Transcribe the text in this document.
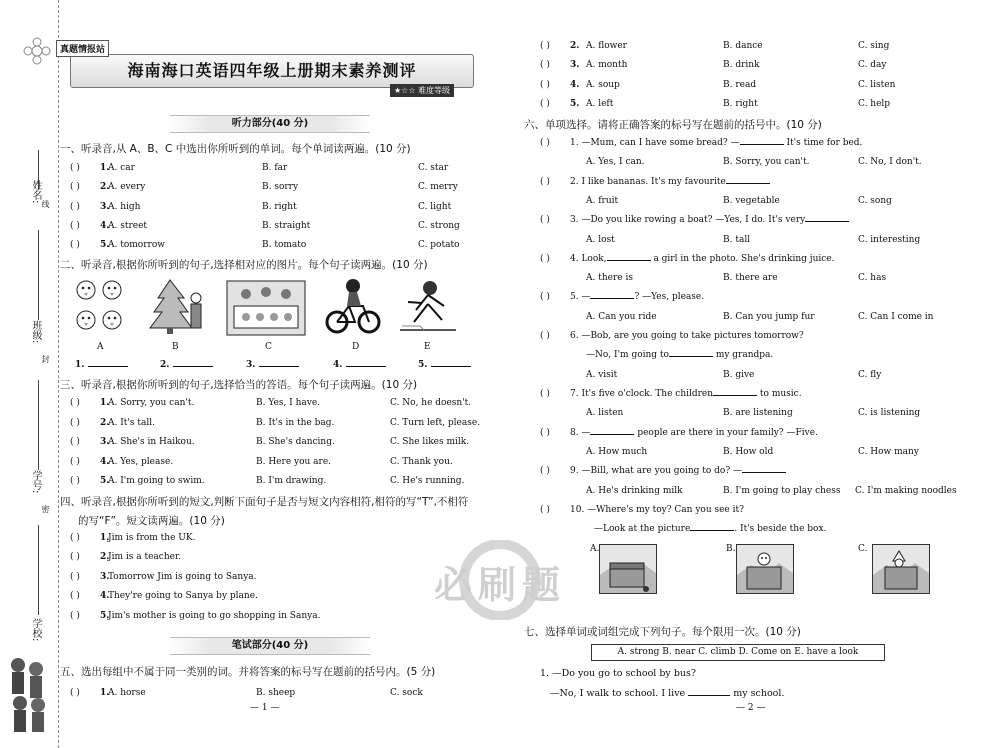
姓名:
班级:
学号:
学校:
线
封
密
海南海口英语四年级上册期末素养测评
真题情报站
★☆☆ 难度等级
听力部分(40 分)
一、听录音,从 A、B、C 中选出你所听到的单词。每个单词读两遍。(10 分)
二、听录音,根据你所听到的句子,选择相对应的图片。每个句子读两遍。(10 分)
三、听录音,根据你所听到的句子,选择恰当的答语。每个句子读两遍。(10 分)
四、听录音,根据你所听到的短文,判断下面句子是否与短文内容相符,相符的写“T”,不相符
的写“F”。短文读两遍。(10 分)
笔试部分(40 分)
五、选出每组中不属于同一类别的词。并将答案的标号写在题前的括号内。(5 分)
— 1 —
( ) 1.
A. car	B. far	C. star
( ) 2.
A. every	B. sorry	C. merry
( ) 3.
A. high	B. right	C. light
( ) 4.
A. street	B. straight	C. strong
( ) 5.
A. tomorrow	B. tomato	C. potato
A	B	C	D	E
1.	2.	3.	4.	5.
( ) 1.
A. Sorry, you can't.	B. Yes, I have.	C. No, he doesn't.
( ) 2.
A. It's tall.	B. It's in the bag.	C. Turn left, please.
( ) 3.
A. She's in Haikou.	B. She's dancing.	C. She likes milk.
( ) 4.
A. Yes, please.	B. Here you are.	C. Thank you.
( ) 5.
A. I'm going to swim.	B. I'm drawing.	C. He's running.
( ) 1.
Jim is from the UK.
( ) 2.
Jim is a teacher.
( ) 3.
Tomorrow Jim is going to Sanya.
( ) 4.
They're going to Sanya by plane.
( ) 5.
Jim's mother is going to go shopping in Sanya.
( ) 1.
A. horse	B. sheep	C. sock
六、单项选择。请将正确答案的标号写在题前的括号中。(10 分)
A.	B.	C.
七、选择单词或词组完成下列句子。每个限用一次。(10 分)
A. strong B. near C. climb D. Come on E. have a look
1. —Do you go to school by bus?
—No, I walk to school. I live	my school.
— 2 —
( ) 2. A. flower	B. dance	C. sing
( ) 3. A. month	B. drink	C. day
( ) 4. A. soup	B. read	C. listen
( ) 5. A. left	B. right	C. help
( ) 1. —Mum, can I have some bread? —	It's time for bed.
A. Yes, I can.	B. Sorry, you can't.	C. No, I don't.
( ) 2. I like bananas. It's my favourite
A. fruit	B. vegetable	C. song
( ) 3. —Do you like rowing a boat? —Yes, I do. It's very
A. lost	B. tall	C. interesting
( ) 4. Look,	a girl in the photo. She's drinking juice.
A. there is	B. there are	C. has
( ) 5. —	? —Yes, please.
A. Can you ride	B. Can you jump fur	C. Can I come in
( ) 6. —Bob, are you going to take pictures tomorrow?
—No, I'm going to	my grandpa.
A. visit	B. give	C. fly
( ) 7. It's five o'clock. The children	to music.
A. listen	B. are listening	C. is listening
( ) 8. —	people are there in your family? —Five.
A. How much	B. How old	C. How many
( ) 9. —Bill, what are you going to do? —
A. He's drinking milk	B. I'm going to play chess C. I'm making noodles
( ) 10. —Where's my toy? Can you see it?
—Look at the picture	. It's beside the box.
必刷题
